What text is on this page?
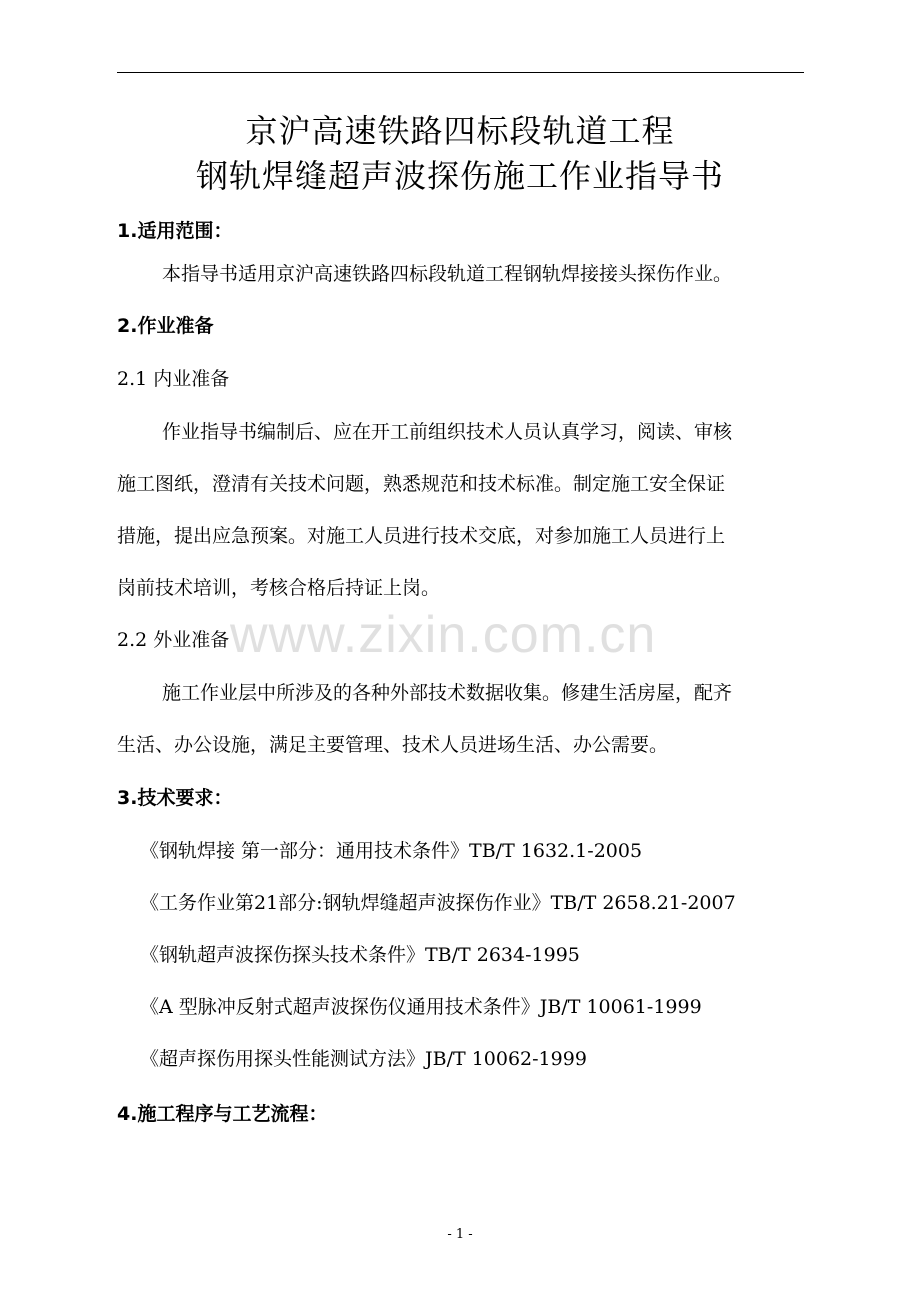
京沪高速铁路四标段轨道工程
钢轨焊缝超声波探伤施工作业指导书
1.适用范围：
本指导书适用京沪高速铁路四标段轨道工程钢轨焊接接头探伤作业。
2.作业准备
2.1 内业准备
作业指导书编制后、应在开工前组织技术人员认真学习，阅读、审核
施工图纸，澄清有关技术问题，熟悉规范和技术标准。制定施工安全保证
措施，提出应急预案。对施工人员进行技术交底，对参加施工人员进行上
岗前技术培训，考核合格后持证上岗。
2.2 外业准备
施工作业层中所涉及的各种外部技术数据收集。修建生活房屋，配齐
生活、办公设施，满足主要管理、技术人员进场生活、办公需要。
3.技术要求：
《钢轨焊接 第一部分：通用技术条件》TB/T 1632.1-2005
《工务作业第21部分:钢轨焊缝超声波探伤作业》TB/T 2658.21-2007
《钢轨超声波探伤探头技术条件》TB/T 2634-1995
《A 型脉冲反射式超声波探伤仪通用技术条件》JB/T 10061-1999
《超声探伤用探头性能测试方法》JB/T 10062-1999
4.施工程序与工艺流程：
www.zixin.com.cn
- 1 -
